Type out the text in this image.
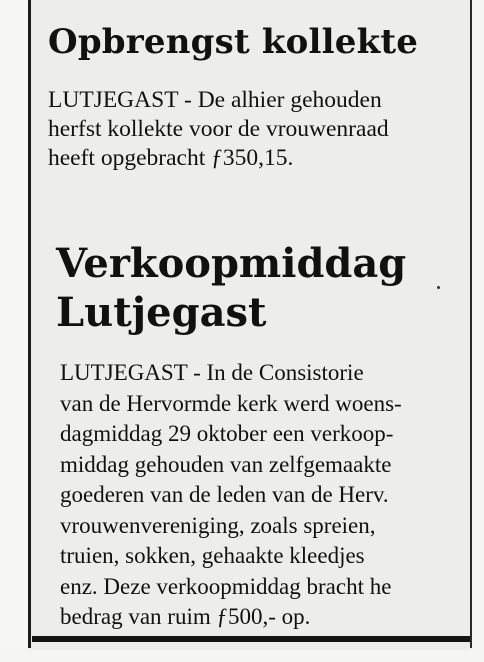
Opbrengst kollekte

LUTJEGAST - De alhier gehouden
herfst kollekte voor de vrouwenraad
heeft opgebracht ƒ350,15.

Verkoopmiddag
Lutjegast

LUTJEGAST - In de Consistorie
van de Hervormde kerk werd woens-
dagmiddag 29 oktober een verkoop-
middag gehouden van zelfgemaakte
goederen van de leden van de Herv.
vrouwenvereniging, zoals spreien,
truien, sokken, gehaakte kleedjes
enz. Deze verkoopmiddag bracht he
bedrag van ruim ƒ500,- op.
